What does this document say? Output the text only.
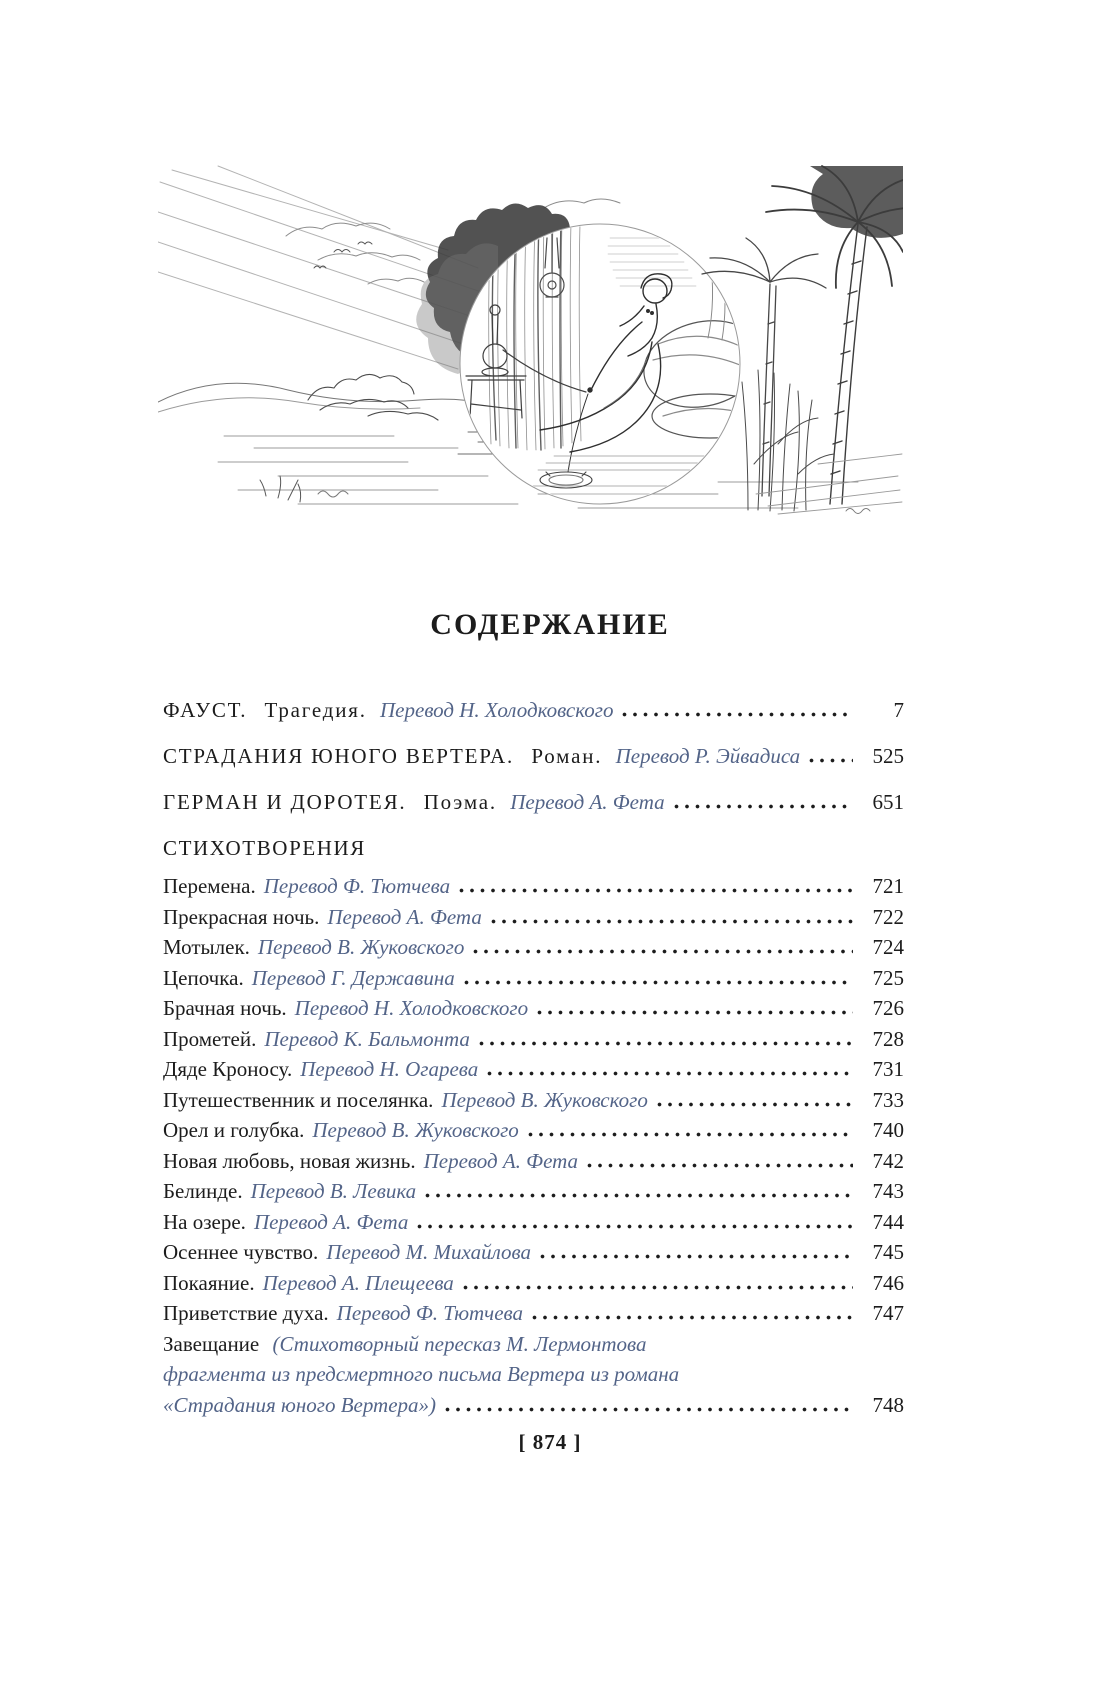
СОДЕРЖАНИЕ
ФАУСТ. Трагедия. Перевод Н. Холодковского	7
СТРАДАНИЯ ЮНОГО ВЕРТЕРА. Роман. Перевод Р. Эйвадиса	525
ГЕРМАН И ДОРОТЕЯ. Поэма. Перевод А. Фета	651
СТИХОТВОРЕНИЯ
Перемена. Перевод Ф. Тютчева	721
Прекрасная ночь. Перевод А. Фета	722
Мотылек. Перевод В. Жуковского	724
Цепочка. Перевод Г. Державина	725
Брачная ночь. Перевод Н. Холодковского	726
Прометей. Перевод К. Бальмонта	728
Дяде Кроносу. Перевод Н. Огарева	731
Путешественник и поселянка. Перевод В. Жуковского	733
Орел и голубка. Перевод В. Жуковского	740
Новая любовь, новая жизнь. Перевод А. Фета	742
Белинде. Перевод В. Левика	743
На озере. Перевод А. Фета	744
Осеннее чувство. Перевод М. Михайлова	745
Покаяние. Перевод А. Плещеева	746
Приветствие духа. Перевод Ф. Тютчева	747
Завещание (Стихотворный пересказ М. Лермонтова
фрагмента из предсмертного письма Вертера из романа
«Страдания юного Вертера»)	748
[ 874 ]
